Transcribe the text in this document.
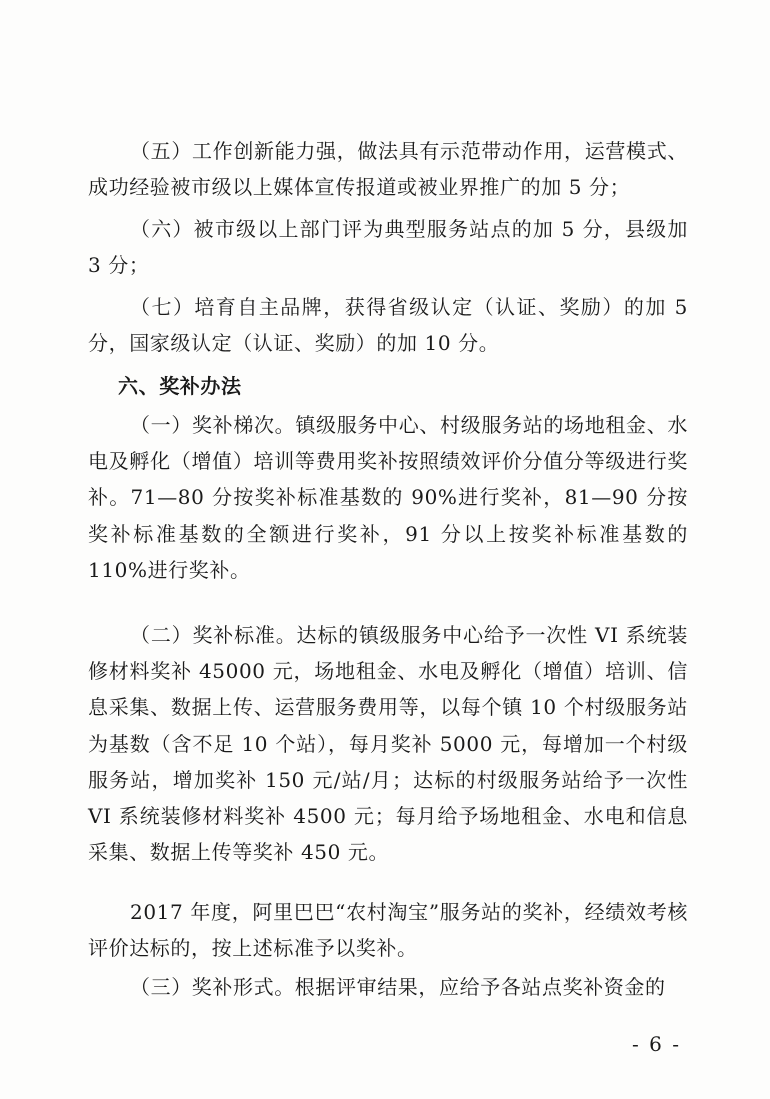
（五）工作创新能力强，做法具有示范带动作用，运营模式、成功经验被市级以上媒体宣传报道或被业界推广的加 5 分；

（六）被市级以上部门评为典型服务站点的加 5 分，县级加 3 分；

（七）培育自主品牌，获得省级认定（认证、奖励）的加 5 分，国家级认定（认证、奖励）的加 10 分。

六、奖补办法

（一）奖补梯次。镇级服务中心、村级服务站的场地租金、水电及孵化（增值）培训等费用奖补按照绩效评价分值分等级进行奖补。71—80 分按奖补标准基数的 90%进行奖补，81—90 分按奖补标准基数的全额进行奖补，91 分以上按奖补标准基数的 110%进行奖补。

（二）奖补标准。达标的镇级服务中心给予一次性 VI 系统装修材料奖补 45000 元，场地租金、水电及孵化（增值）培训、信息采集、数据上传、运营服务费用等，以每个镇 10 个村级服务站为基数（含不足 10 个站），每月奖补 5000 元，每增加一个村级服务站，增加奖补 150 元/站/月；达标的村级服务站给予一次性 VI 系统装修材料奖补 4500 元；每月给予场地租金、水电和信息采集、数据上传等奖补 450 元。

2017 年度，阿里巴巴“农村淘宝”服务站的奖补，经绩效考核评价达标的，按上述标准予以奖补。

（三）奖补形式。根据评审结果，应给予各站点奖补资金的

- 6 -
